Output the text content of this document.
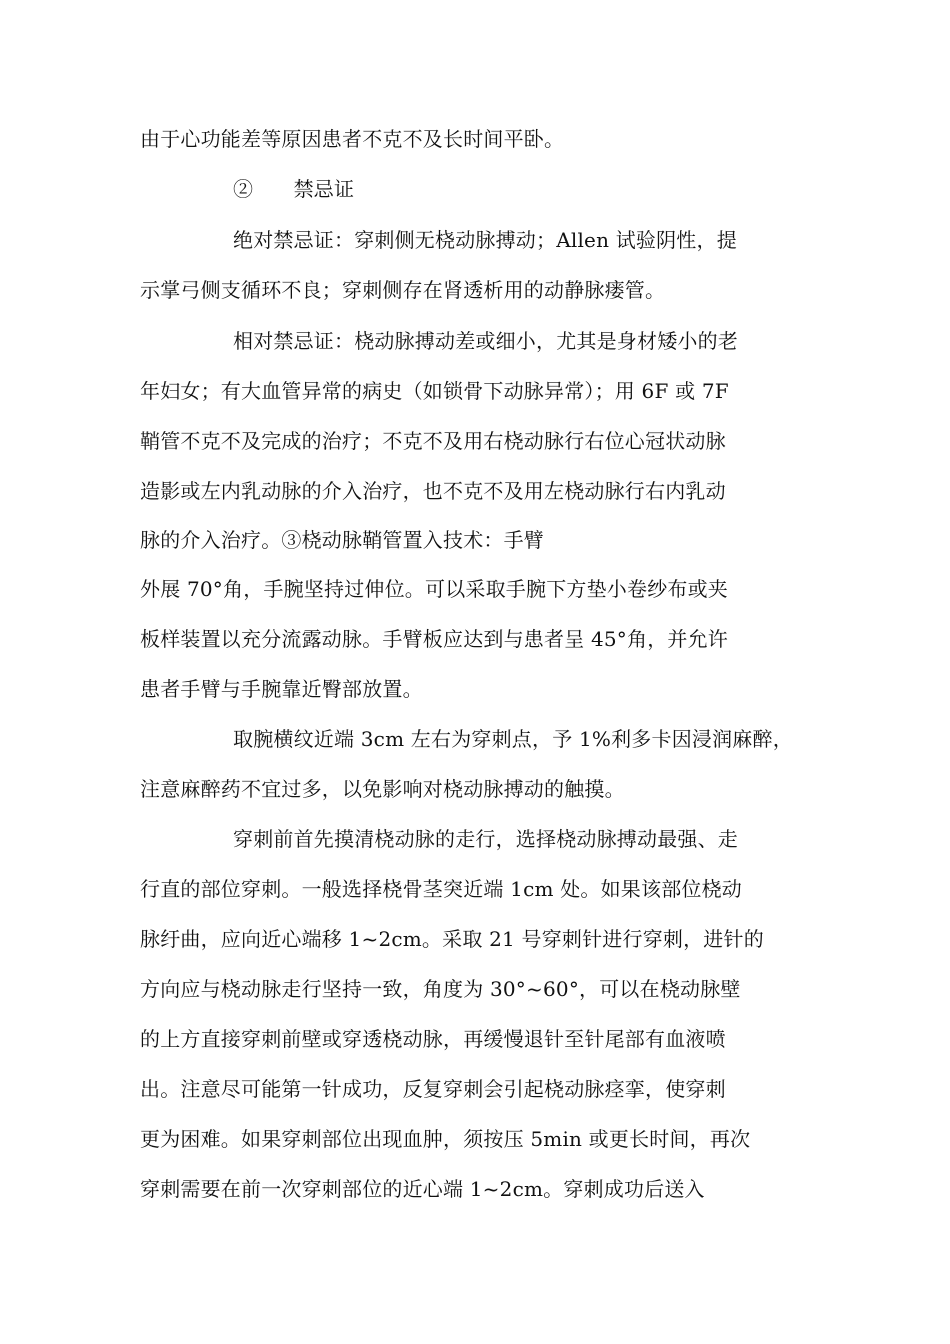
由于心功能差等原因患者不克不及长时间平卧。
②　　禁忌证
绝对禁忌证：穿刺侧无桡动脉搏动；Allen 试验阴性，提
示掌弓侧支循环不良；穿刺侧存在肾透析用的动静脉瘘管。
相对禁忌证：桡动脉搏动差或细小，尤其是身材矮小的老
年妇女；有大血管异常的病史（如锁骨下动脉异常）；用 6F 或 7F
鞘管不克不及完成的治疗；不克不及用右桡动脉行右位心冠状动脉
造影或左内乳动脉的介入治疗，也不克不及用左桡动脉行右内乳动
脉的介入治疗。③桡动脉鞘管置入技术：手臂
外展 70°角，手腕坚持过伸位。可以采取手腕下方垫小卷纱布或夹
板样装置以充分流露动脉。手臂板应达到与患者呈 45°角，并允许
患者手臂与手腕靠近臀部放置。
取腕横纹近端 3cm 左右为穿刺点，予 1%利多卡因浸润麻醉，
注意麻醉药不宜过多，以免影响对桡动脉搏动的触摸。
穿刺前首先摸清桡动脉的走行，选择桡动脉搏动最强、走
行直的部位穿刺。一般选择桡骨茎突近端 1cm 处。如果该部位桡动
脉纡曲，应向近心端移 1~2cm。采取 21 号穿刺针进行穿刺，进针的
方向应与桡动脉走行坚持一致，角度为 30°~60°，可以在桡动脉壁
的上方直接穿刺前壁或穿透桡动脉，再缓慢退针至针尾部有血液喷
出。注意尽可能第一针成功，反复穿刺会引起桡动脉痉挛，使穿刺
更为困难。如果穿刺部位出现血肿，须按压 5min 或更长时间，再次
穿刺需要在前一次穿刺部位的近心端 1~2cm。穿刺成功后送入
